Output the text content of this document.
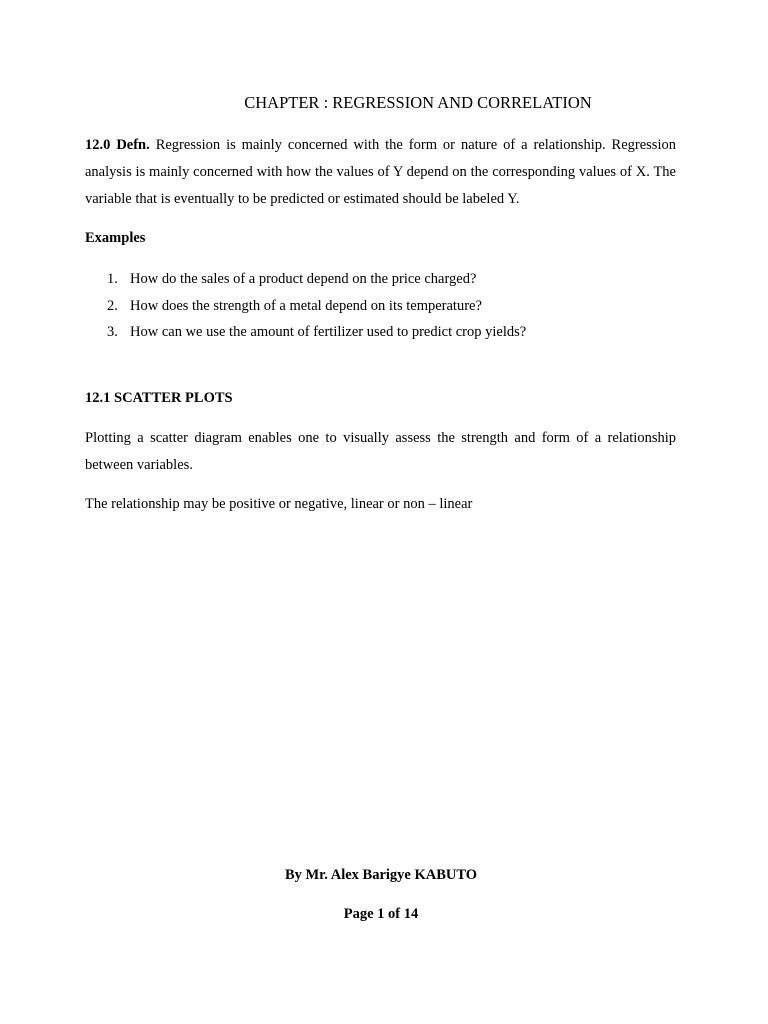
CHAPTER : REGRESSION AND CORRELATION

12.0 Defn. Regression is mainly concerned with the form or nature of a relationship. Regression analysis is mainly concerned with how the values of Y depend on the corresponding values of X. The variable that is eventually to be predicted or estimated should be labeled Y.

Examples

1. How do the sales of a product depend on the price charged?
2. How does the strength of a metal depend on its temperature?
3. How can we use the amount of fertilizer used to predict crop yields?

12.1 SCATTER PLOTS

Plotting a scatter diagram enables one to visually assess the strength and form of a relationship between variables.

The relationship may be positive or negative, linear or non – linear

By Mr. Alex Barigye KABUTO

Page 1 of 14
